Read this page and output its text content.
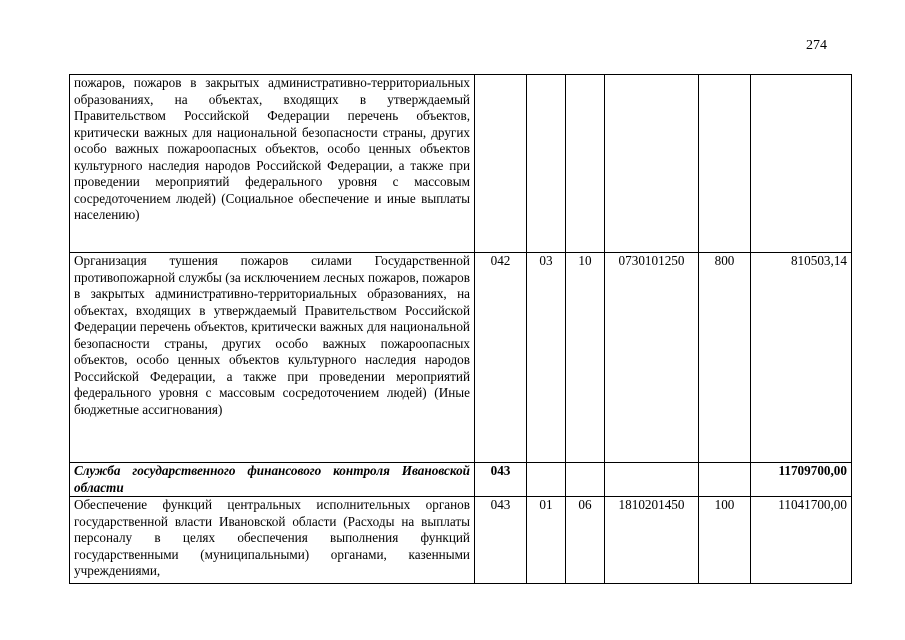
274
пожаров, пожаров в закрытых административно-территориальных образованиях, на объектах, входящих в утверждаемый Правительством Российской Федерации перечень объектов, критически важных для национальной безопасности страны, других особо важных пожароопасных объектов, особо ценных объектов культурного наследия народов Российской Федерации, а также при проведении мероприятий федерального уровня с массовым сосредоточением людей) (Социальное обеспечение и иные выплаты населению)						
Организация тушения пожаров силами Государственной противопожарной службы (за исключением лесных пожаров, пожаров в закрытых административно-территориальных образованиях, на объектах, входящих в утверждаемый Правительством Российской Федерации перечень объектов, критически важных для национальной безопасности страны, других особо важных пожароопасных объектов, особо ценных объектов культурного наследия народов Российской Федерации, а также при проведении мероприятий федерального уровня с массовым сосредоточением людей) (Иные бюджетные ассигнования)	042	03	10	0730101250	800	810503,14
Служба государственного финансового контроля Ивановской области	043					11709700,00
Обеспечение функций центральных исполнительных органов государственной власти Ивановской области (Расходы на выплаты персоналу в целях обеспечения выполнения функций государственными (муниципальными) органами, казенными учреждениями,	043	01	06	1810201450	100	11041700,00
